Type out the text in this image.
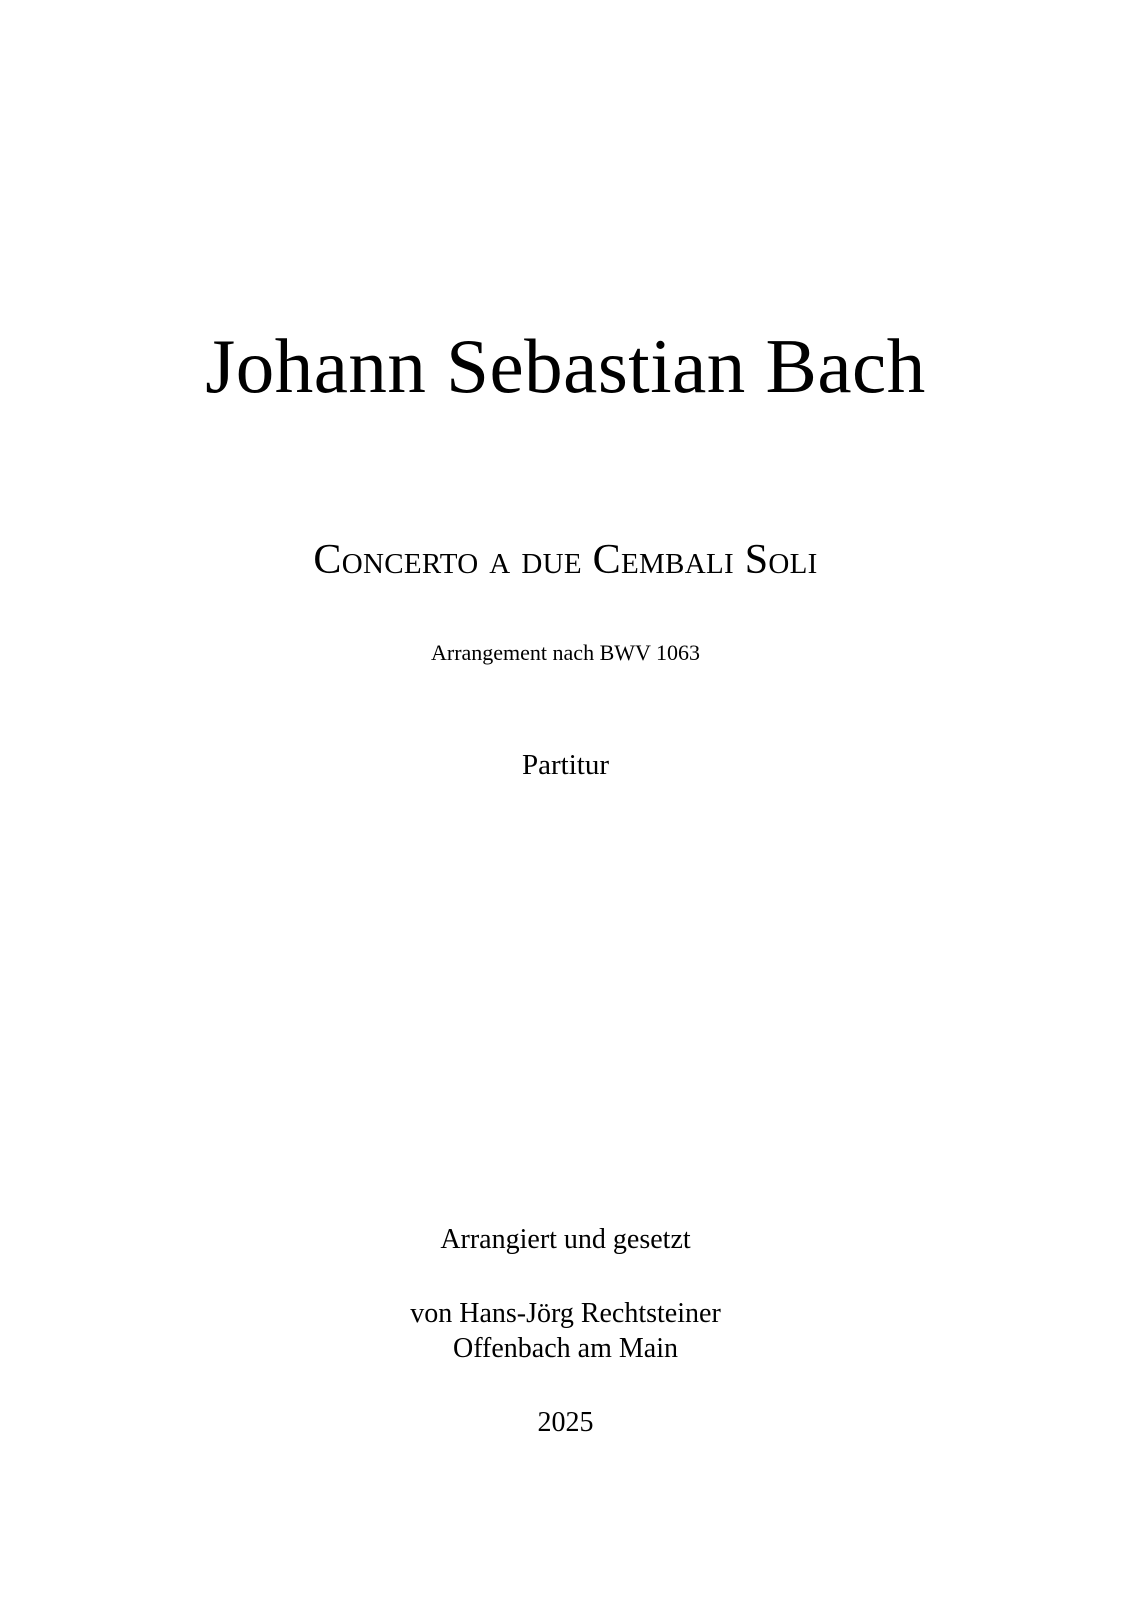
Johann Sebastian Bach
Concerto a due Cembali Soli
Arrangement nach BWV 1063
Partitur
Arrangiert und gesetzt
von Hans-Jörg Rechtsteiner
Offenbach am Main
2025
